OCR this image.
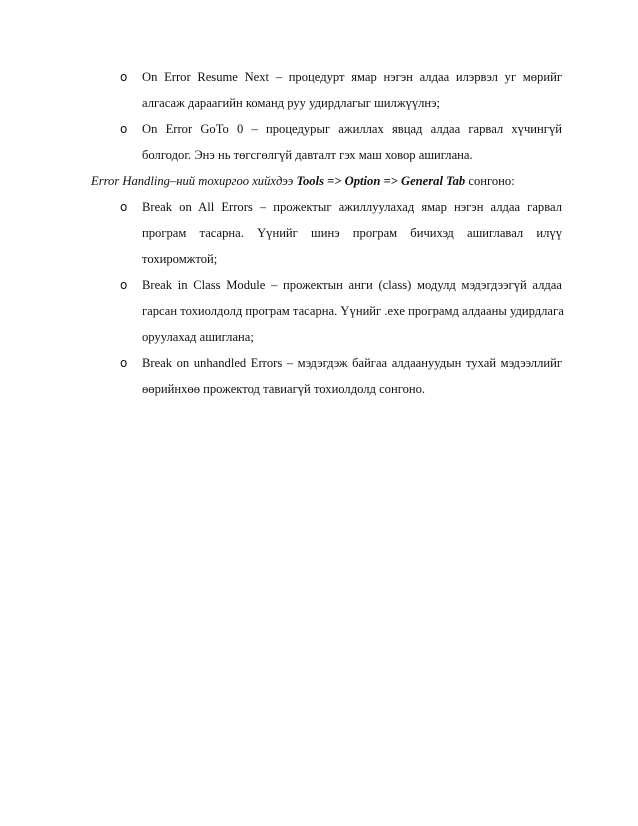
o On Error Resume Next – процедурт ямар нэгэн алдаа илэрвэл уг мөрийг
алгасаж дараагийн команд руу удирдлагыг шилжүүлнэ;
o On Error GoTo 0 – процедурыг ажиллах явцад алдаа гарвал хүчингүй
болгодог. Энэ нь төгсгөлгүй давталт гэх маш ховор ашиглана.
Error Handling–ний тохиргоо хийхдээ Tools => Option => General Tab сонгоно:
o Break on All Errors – прожектыг ажиллуулахад ямар нэгэн алдаа гарвал
програм тасарна. Үүнийг шинэ програм бичихэд ашиглавал илүү
тохиромжтой;
o Break in Class Module – прожектын анги (class) модулд мэдэгдээгүй алдаа
гарсан тохиолдолд програм тасарна. Үүнийг .exe програмд алдааны удирдлага
оруулахад ашиглана;
o Break on unhandled Errors – мэдэгдэж байгаа алдаануудын тухай мэдээллийг
өөрийнхөө прожектод тавиагүй тохиолдолд сонгоно.
